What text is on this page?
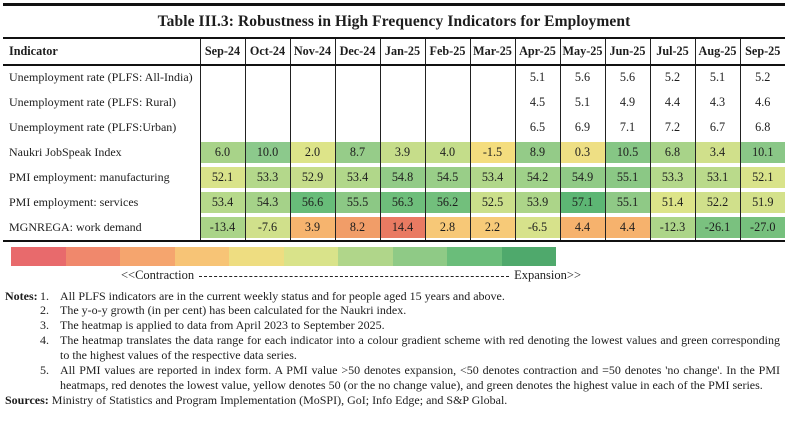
Table III.3: Robustness in High Frequency Indicators for Employment
Indicator	Sep-24	Oct-24	Nov-24	Dec-24	Jan-25	Feb-25	Mar-25	Apr-25	May-25	Jun-25	Jul-25	Aug-25	Sep-25
Unemployment rate (PLFS: All-India)								5.1	5.6	5.6	5.2	5.1	5.2
Unemployment rate (PLFS: Rural)								4.5	5.1	4.9	4.4	4.3	4.6
Unemployment rate (PLFS:Urban)								6.5	6.9	7.1	7.2	6.7	6.8
Naukri JobSpeak Index	6.0	10.0	2.0	8.7	3.9	4.0	-1.5	8.9	0.3	10.5	6.8	3.4	10.1

PMI employment: manufacturing	52.1	53.3	52.9	53.4	54.8	54.5	53.4	54.2	54.9	55.1	53.3	53.1	52.1

PMI employment: services	53.4	54.3	56.6	55.5	56.3	56.2	52.5	53.9	57.1	55.1	51.4	52.2	51.9

MGNREGA: work demand	-13.4	-7.6	3.9	8.2	14.4	2.8	2.2	-6.5	4.4	4.4	-12.3	-26.1	-27.0
<<Contraction	Expansion>>
Notes: 1. All PLFS indicators are in the current weekly status and for people aged 15 years and above.
2. The y-o-y growth (in per cent) has been calculated for the Naukri index.
3. The heatmap is applied to data from April 2023 to September 2025.
4. The heatmap translates the data range for each indicator into a colour gradient scheme with red denoting the lowest values and green corresponding to the highest values of the respective data series.
5. All PMI values are reported in index form. A PMI value >50 denotes expansion, <50 denotes contraction and =50 denotes 'no change'. In the PMI heatmaps, red denotes the lowest value, yellow denotes 50 (or the no change value), and green denotes the highest value in each of the PMI series.
Sources: Ministry of Statistics and Program Implementation (MoSPI), GoI; Info Edge; and S&P Global.
